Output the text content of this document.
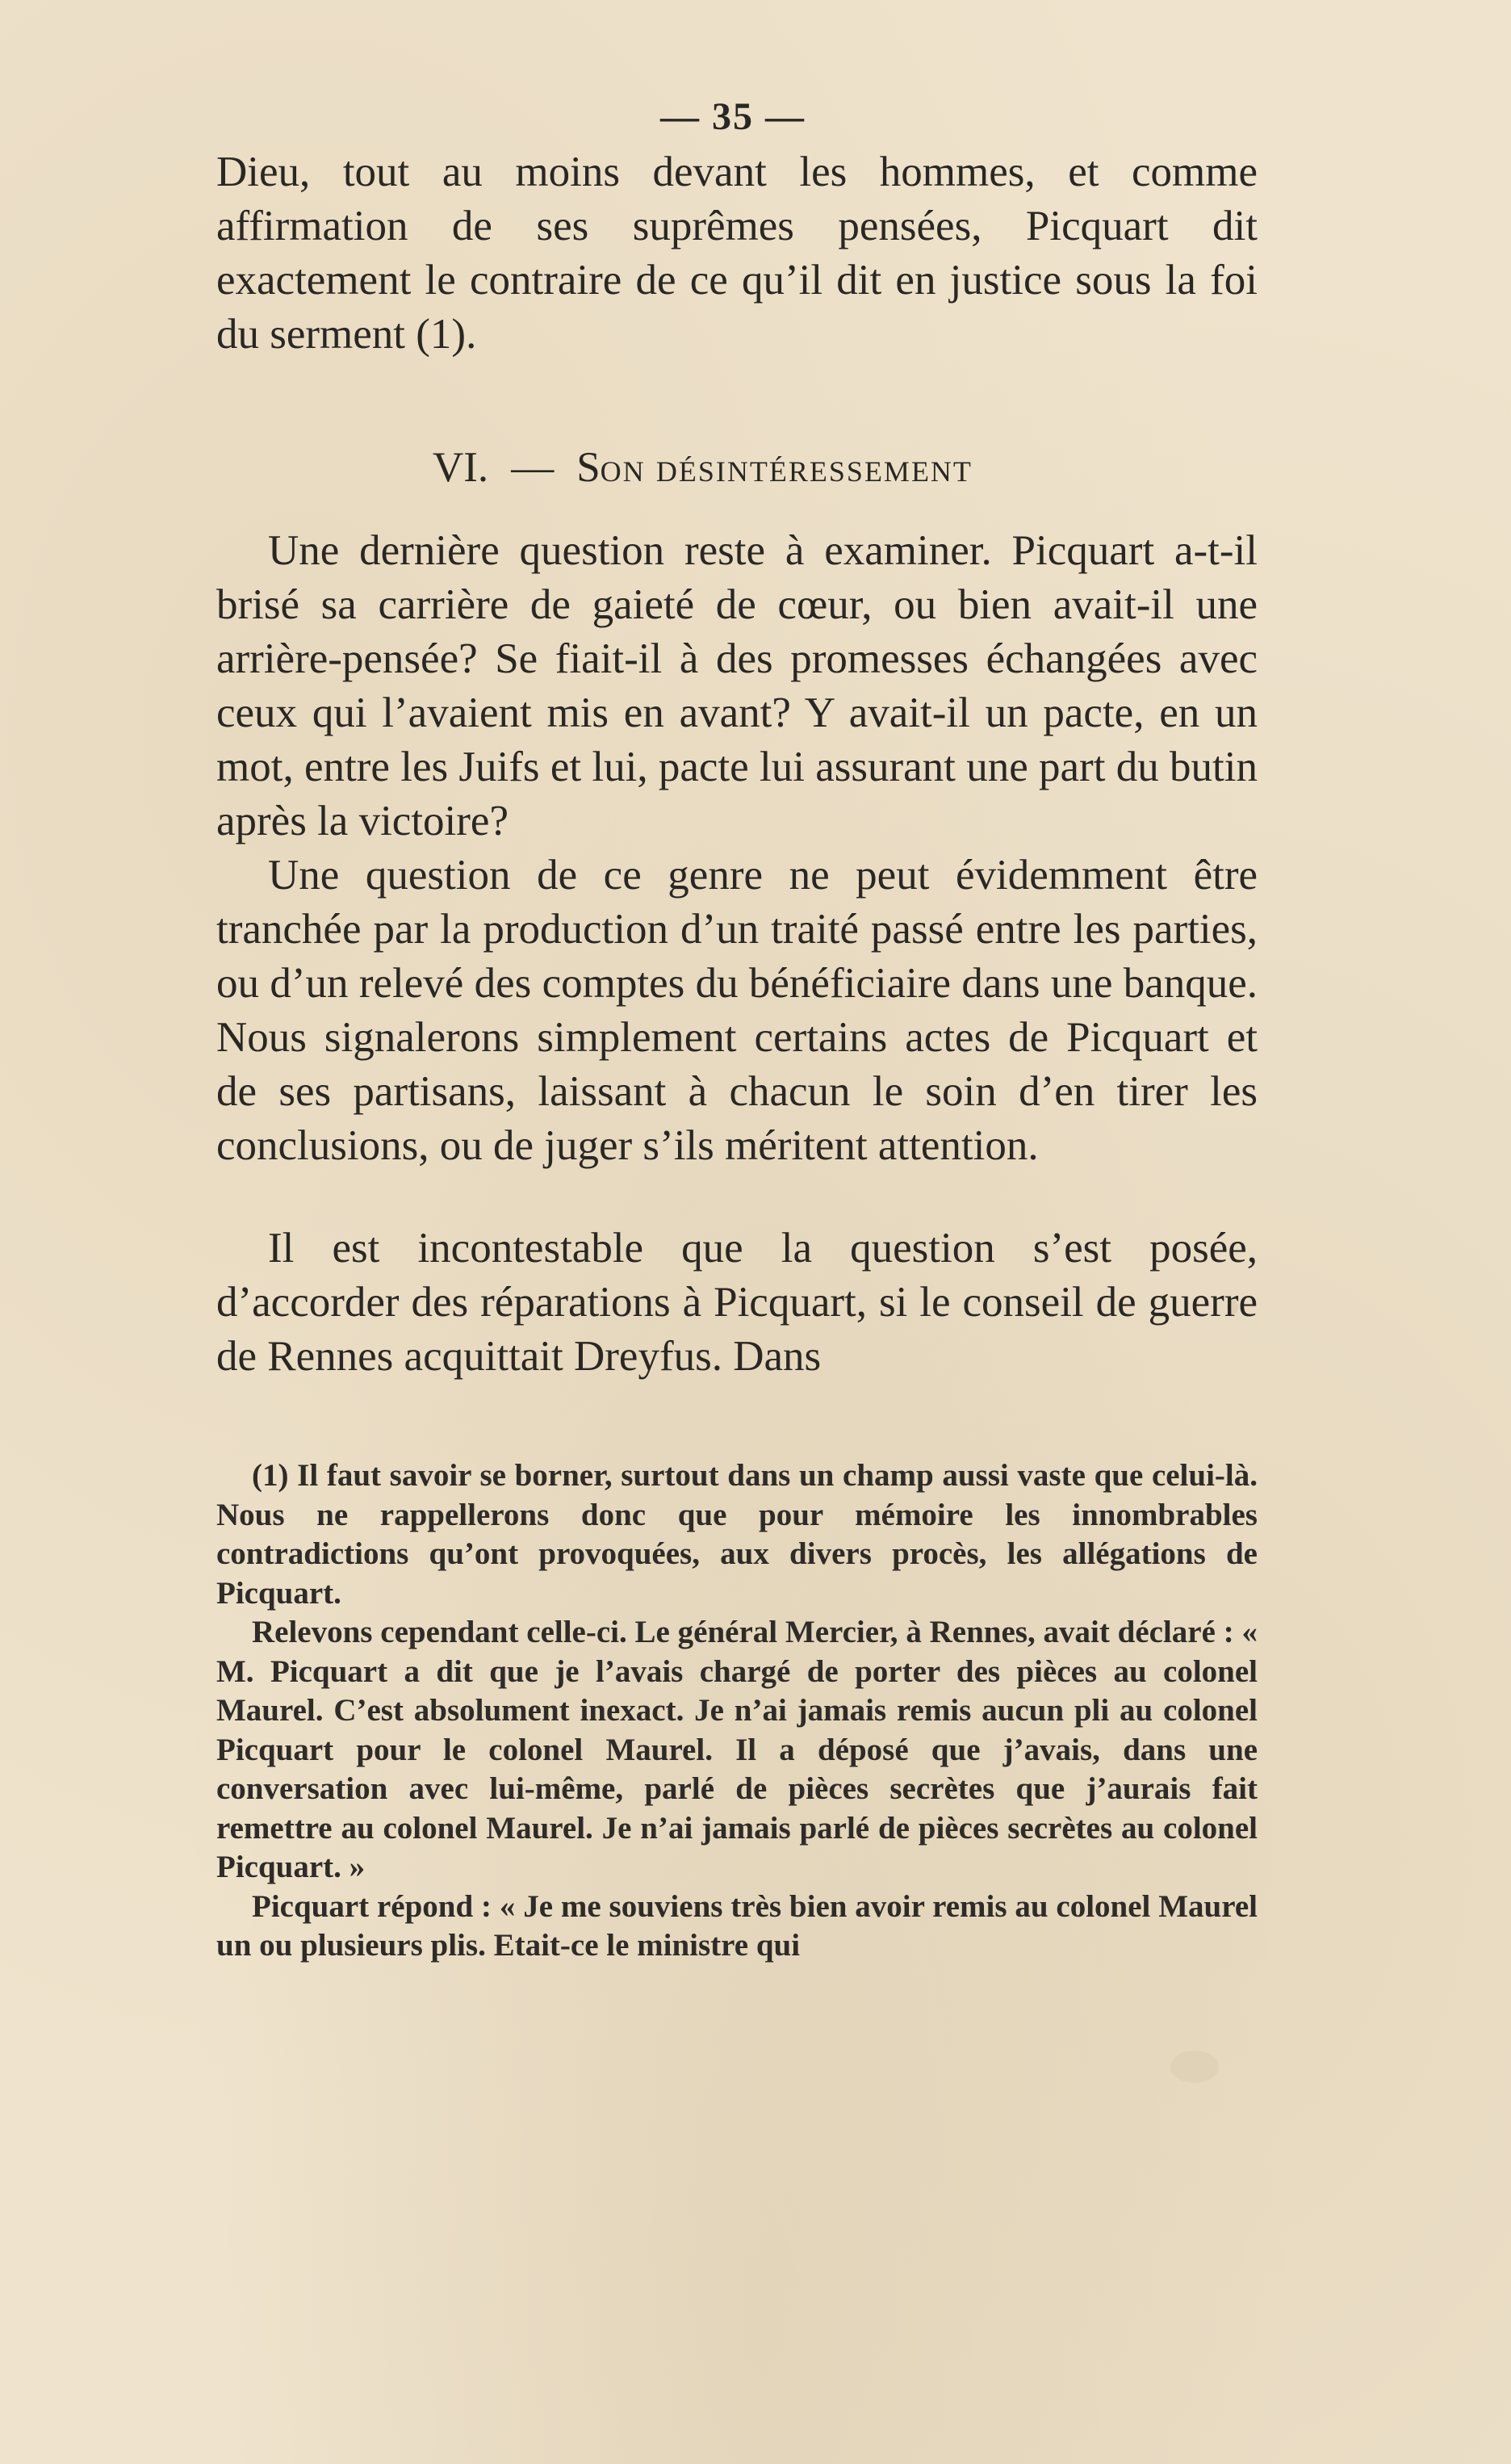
— 35 —

Dieu, tout au moins devant les hommes, et comme affirmation de ses suprêmes pensées, Picquart dit exactement le contraire de ce qu’il dit en justice sous la foi du serment (1).

VI. — SON DÉSINTÉRESSEMENT

Une dernière question reste à examiner. Picquart a-t-il brisé sa carrière de gaieté de cœur, ou bien avait-il une arrière-pensée? Se fiait-il à des promesses échangées avec ceux qui l’avaient mis en avant? Y avait-il un pacte, en un mot, entre les Juifs et lui, pacte lui assurant une part du butin après la victoire?

Une question de ce genre ne peut évidemment être tranchée par la production d’un traité passé entre les parties, ou d’un relevé des comptes du bénéficiaire dans une banque. Nous signalerons simplement certains actes de Picquart et de ses partisans, laissant à chacun le soin d’en tirer les conclusions, ou de juger s’ils méritent attention.

Il est incontestable que la question s’est posée, d’accorder des réparations à Picquart, si le conseil de guerre de Rennes acquittait Dreyfus. Dans

(1) Il faut savoir se borner, surtout dans un champ aussi vaste que celui-là. Nous ne rappellerons donc que pour mémoire les innombrables contradictions qu’ont provoquées, aux divers procès, les allégations de Picquart.

Relevons cependant celle-ci. Le général Mercier, à Rennes, avait déclaré : « M. Picquart a dit que je l’avais chargé de porter des pièces au colonel Maurel. C’est absolument inexact. Je n’ai jamais remis aucun pli au colonel Picquart pour le colonel Maurel. Il a déposé que j’avais, dans une conversation avec lui-même, parlé de pièces secrètes que j’aurais fait remettre au colonel Maurel. Je n’ai jamais parlé de pièces secrètes au colonel Picquart. »

Picquart répond : « Je me souviens très bien avoir remis au colonel Maurel un ou plusieurs plis. Etait-ce le ministre qui
